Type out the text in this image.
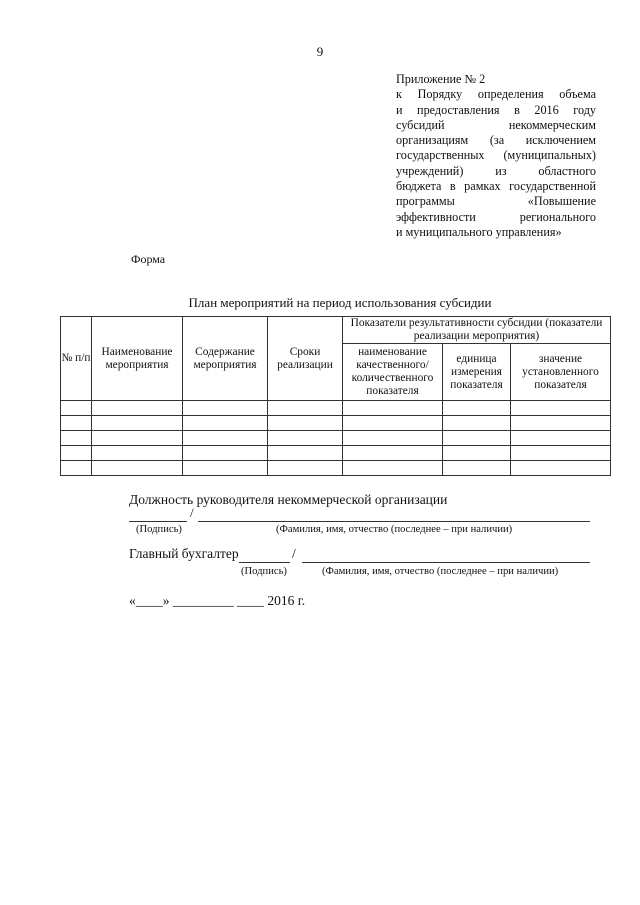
9
Приложение № 2
к Порядку определения объема
и предоставления в 2016 году
субсидий некоммерческим
организациям (за исключением
государственных (муниципальных)
учреждений) из областного
бюджета в рамках государственной
программы «Повышение
эффективности регионального
и муниципального управления»
Форма
План мероприятий на период использования субсидии
№ п/п	Наименование мероприятия	Содержание мероприятия	Сроки реализации	Показатели результативности субсидии (показатели реализации мероприятия)		
				наименование качественного/ количественного показателя	единица измерения показателя	значение установленного показателя

Должность руководителя некоммерческой организации
/
(Подпись)	(Фамилия, имя, отчество (последнее – при наличии)
Главный бухгалтер	/
(Подпись)	(Фамилия, имя, отчество (последнее – при наличии)
«____» _________ ____ 2016 г.
